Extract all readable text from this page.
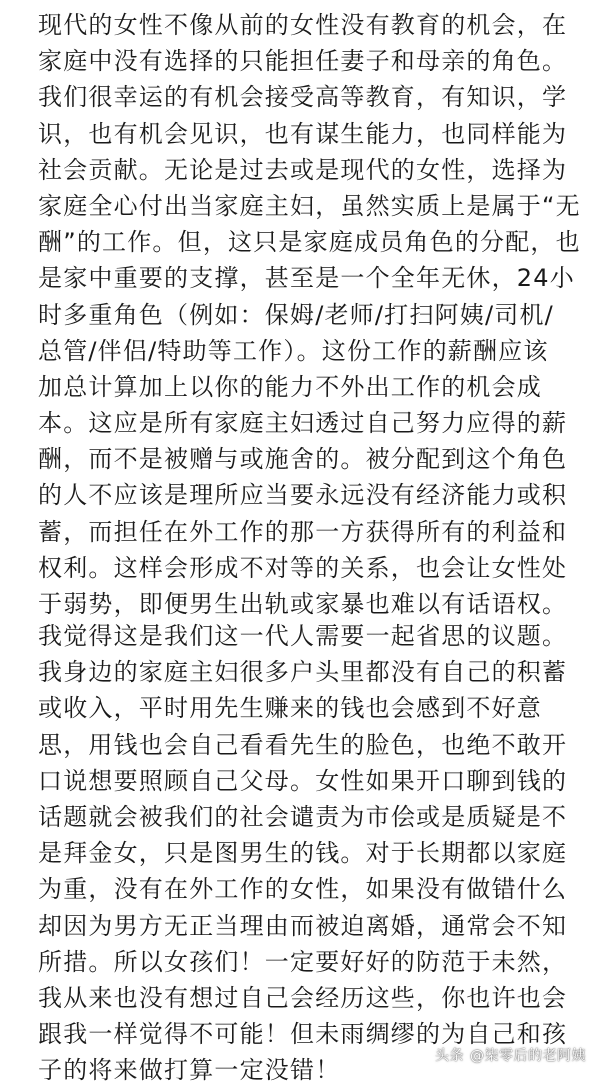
现代的女性不像从前的女性没有教育的机会，在
家庭中没有选择的只能担任妻子和母亲的角色。
我们很幸运的有机会接受高等教育，有知识，学
识，也有机会见识，也有谋生能力，也同样能为
社会贡献。无论是过去或是现代的女性，选择为
家庭全心付出当家庭主妇，虽然实质上是属于“无
酬”的工作。但，这只是家庭成员角色的分配，也
是家中重要的支撑，甚至是一个全年无休，24小
时多重角色（例如：保姆/老师/打扫阿姨/司机/
总管/伴侣/特助等工作）。这份工作的薪酬应该
加总计算加上以你的能力不外出工作的机会成
本。这应是所有家庭主妇透过自己努力应得的薪
酬，而不是被赠与或施舍的。被分配到这个角色
的人不应该是理所应当要永远没有经济能力或积
蓄，而担任在外工作的那一方获得所有的利益和
权利。这样会形成不对等的关系，也会让女性处
于弱势，即便男生出轨或家暴也难以有话语权。
我觉得这是我们这一代人需要一起省思的议题。
我身边的家庭主妇很多户头里都没有自己的积蓄
或收入，平时用先生赚来的钱也会感到不好意
思，用钱也会自己看看先生的脸色，也绝不敢开
口说想要照顾自己父母。女性如果开口聊到钱的
话题就会被我们的社会谴责为市侩或是质疑是不
是拜金女，只是图男生的钱。对于长期都以家庭
为重，没有在外工作的女性，如果没有做错什么
却因为男方无正当理由而被迫离婚，通常会不知
所措。所以女孩们！一定要好好的防范于未然，
我从来也没有想过自己会经历这些，你也许也会
跟我一样觉得不可能！但未雨绸缪的为自己和孩
子的将来做打算一定没错！
头条 @柒零后的老阿姨
